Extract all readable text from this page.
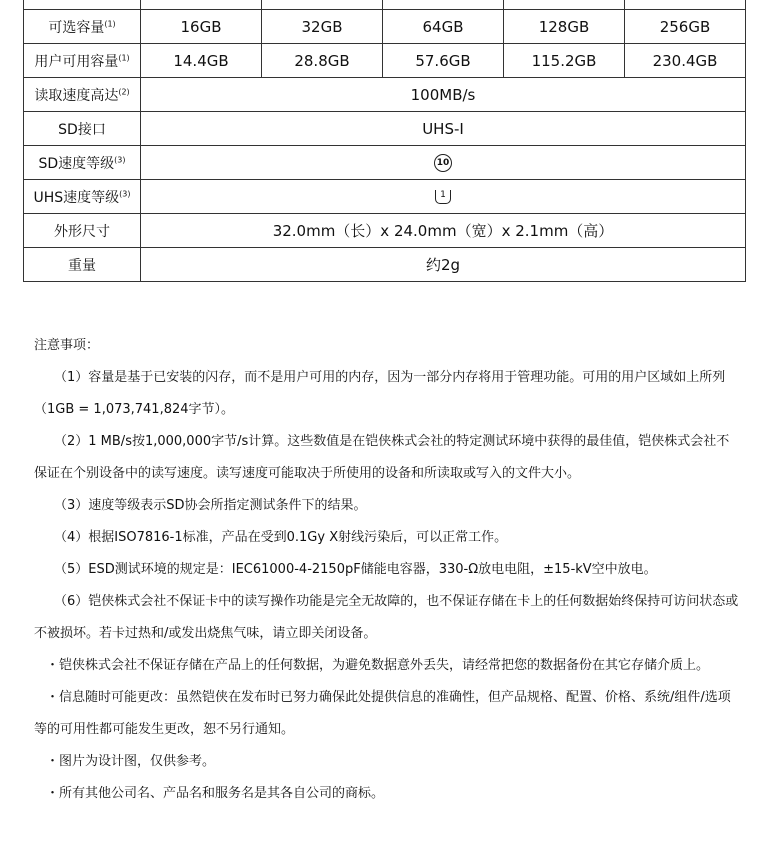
可选容量$^{(1)}$	16GB	32GB	64GB	128GB	256GB
用户可用容量$^{(1)}$	14.4GB	28.8GB	57.6GB	115.2GB	230.4GB
读取速度高达$^{(2)}$	100MB/s				
SD接口	UHS-I				
SD速度等级$^{(3)}$	10				
UHS速度等级$^{(3)}$	1				
外形尺寸	32.0mm（长）x 24.0mm（宽）x 2.1mm（高）				
重量	约2g				

注意事项：

（1）容量是基于已安装的闪存，而不是用户可用的内存，因为一部分内存将用于管理功能。可用的用户区域如上所列（1GB = 1,073,741,824字节）。

（2）1 MB/s按1,000,000字节/s计算。这些数值是在铠侠株式会社的特定测试环境中获得的最佳值，铠侠株式会社不保证在个别设备中的读写速度。读写速度可能取决于所使用的设备和所读取或写入的文件大小。

（3）速度等级表示SD协会所指定测试条件下的结果。

（4）根据ISO7816-1标准，产品在受到0.1Gy X射线污染后，可以正常工作。

（5）ESD测试环境的规定是：IEC61000-4-2150pF储能电容器，330-Ω放电电阻，±15-kV空中放电。

（6）铠侠株式会社不保证卡中的读写操作功能是完全无故障的，也不保证存储在卡上的任何数据始终保持可访问状态或不被损坏。若卡过热和/或发出烧焦气味，请立即关闭设备。

・铠侠株式会社不保证存储在产品上的任何数据，为避免数据意外丢失，请经常把您的数据备份在其它存储介质上。

・信息随时可能更改：虽然铠侠在发布时已努力确保此处提供信息的准确性，但产品规格、配置、价格、系统/组件/选项等的可用性都可能发生更改，恕不另行通知。

・图片为设计图，仅供参考。

・所有其他公司名、产品名和服务名是其各自公司的商标。
